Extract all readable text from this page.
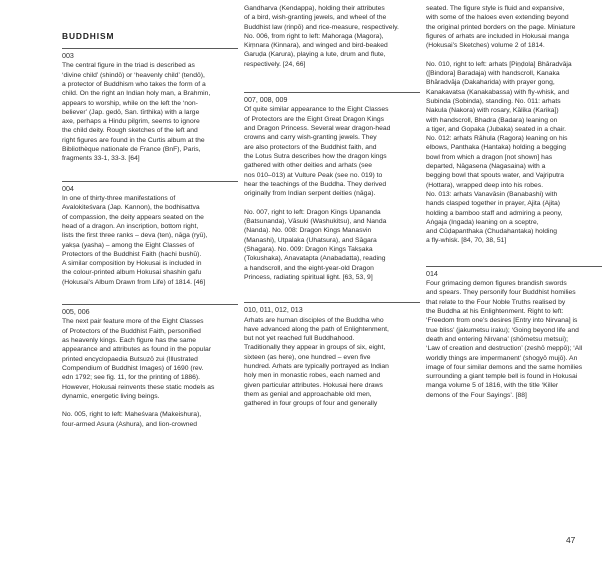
BUDDHISM
003
The central figure in the triad is described as
‘divine child’ (shindō) or ‘heavenly child’ (tendō),
a protector of Buddhism who takes the form of a
child. On the right an Indian holy man, a Brahmin,
appears to worship, while on the left the ‘non-
believer’ (Jap. gedō, San. tīrthika) with a large
axe, perhaps a Hindu pilgrim, seems to ignore
the child deity. Rough sketches of the left and
right figures are found in the Curtis album at the
Bibliothèque nationale de France (BnF), Paris,
fragments 33-1, 33-3. [64]
004
In one of thirty-three manifestations of
Avalokiteśvara (Jap. Kannon), the bodhisattva
of compassion, the deity appears seated on the
head of a dragon. An inscription, bottom right,
lists the first three ranks – deva (ten), nāga (ryū),
yakṣa (yasha) – among the Eight Classes of
Protectors of the Buddhist Faith (hachi bushū).
A similar composition by Hokusai is included in
the colour-printed album Hokusai shashin gafu
(Hokusai’s Album Drawn from Life) of 1814. [46]
005, 006
The next pair feature more of the Eight Classes
of Protectors of the Buddhist Faith, personified
as heavenly kings. Each figure has the same
appearance and attributes as found in the popular
printed encyclopaedia Butsuzō zui (Illustrated
Compendium of Buddhist Images) of 1690 (rev.
edn 1792; see fig. 11, for the printing of 1886).
However, Hokusai reinvents these static models as
dynamic, energetic living beings.
No. 005, right to left: Maheśvara (Makeishura),
four-armed Asura (Ashura), and lion-crowned
Gandharva (Kendappa), holding their attributes
of a bird, wish-granting jewels, and wheel of the
Buddhist law (rinpō) and rice-measure, respectively.
No. 006, from right to left: Mahoraga (Magora),
Kiṃnara (Kinnara), and winged and bird-beaked
Garuḍa (Karura), playing a lute, drum and flute,
respectively. [24, 66]
007, 008, 009
Of quite similar appearance to the Eight Classes
of Protectors are the Eight Great Dragon Kings
and Dragon Princess. Several wear dragon-head
crowns and carry wish-granting jewels. They
are also protectors of the Buddhist faith, and
the Lotus Sutra describes how the dragon kings
gathered with other deities and arhats (see
nos 010–013) at Vulture Peak (see no. 019) to
hear the teachings of the Buddha. They derived
originally from Indian serpent deities (nāga).
No. 007, right to left: Dragon Kings Upananda
(Batsunanda), Vāsuki (Washukitsu), and Nanda
(Nanda). No. 008: Dragon Kings Manasvin
(Manashi), Utpalaka (Uhatsura), and Sāgara
(Shagara). No. 009: Dragon Kings Takṣaka
(Tokushaka), Anavatapta (Anabadatta), reading
a handscroll, and the eight-year-old Dragon
Princess, radiating spiritual light. [63, 53, 9]
010, 011, 012, 013
Arhats are human disciples of the Buddha who
have advanced along the path of Enlightenment,
but not yet reached full Buddhahood.
Traditionally they appear in groups of six, eight,
sixteen (as here), one hundred – even five
hundred. Arhats are typically portrayed as Indian
holy men in monastic robes, each named and
given particular attributes. Hokusai here draws
them as genial and approachable old men,
gathered in four groups of four and generally
seated. The figure style is fluid and expansive,
with some of the haloes even extending beyond
the original printed borders on the page. Miniature
figures of arhats are included in Hokusai manga
(Hokusai’s Sketches) volume 2 of 1814.
No. 010, right to left: arhats [Piṇḍola] Bhāradvāja
([Bindora] Baradaja) with handscroll, Kanaka
Bhāradvāja (Dakaharida) with prayer gong,
Kanakavatsa (Kanakabassa) with fly-whisk, and
Subinda (Sobinda), standing. No. 011: arhats
Nakula (Nakora) with rosary, Kālika (Karika])
with handscroll, Bhadra (Badara) leaning on
a tiger, and Gopaka (Jubaka) seated in a chair.
No. 012: arhats Rāhula (Ragora) leaning on his
elbows, Panthaka (Hantaka) holding a begging
bowl from which a dragon [not shown] has
departed, Nāgasena (Nagasaina) with a
begging bowl that spouts water, and Vajriputra
(Hottara), wrapped deep into his robes.
No. 013: arhats Vanavāsin (Banabashi) with
hands clasped together in prayer, Ajita (Ajita)
holding a bamboo staff and admiring a peony,
Aṅgaja (Ingada) leaning on a sceptre,
and Cūḍapanthaka (Chudahantaka) holding
a fly-whisk. [84, 70, 38, 51]
014
Four grimacing demon figures brandish swords
and spears. They personify four Buddhist homilies
that relate to the Four Noble Truths realised by
the Buddha at his Enlightenment. Right to left:
‘Freedom from one’s desires [Entry into Nirvana] is
true bliss’ (jakumetsu iraku); ‘Going beyond life and
death and entering Nirvana’ (shōmetsu metsui);
‘Law of creation and destruction’ (zeshō meppō); ‘All
worldly things are impermanent’ (shogyō mujō). An
image of four similar demons and the same homilies
surrounding a giant temple bell is found in Hokusai
manga volume 5 of 1816, with the title ‘Killer
demons of the Four Sayings’. [88]
47
